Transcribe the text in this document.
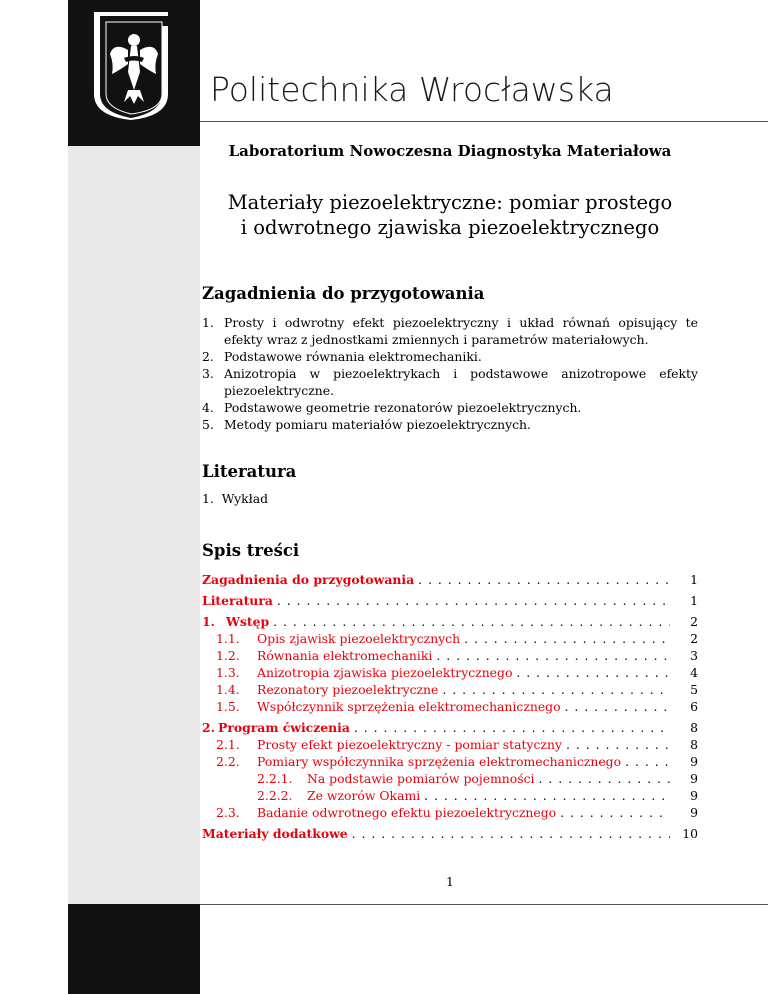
Politechnika Wrocławska
Laboratorium Nowoczesna Diagnostyka Materiałowa
Materiały piezoelektryczne: pomiar prostego
i odwrotnego zjawiska piezoelektrycznego
Zagadnienia do przygotowania
1. Prosty i odwrotny efekt piezoelektryczny i układ równań opisujący te efekty wraz z jednostkami zmiennych i parametrów materiałowych.
2. Podstawowe równania elektromechaniki.
3. Anizotropia w piezoelektrykach i podstawowe anizotropowe efekty piezoelektryczne.
4. Podstawowe geometrie rezonatorów piezoelektrycznych.
5. Metody pomiaru materiałów piezoelektrycznych.
Literatura
1. Wykład
Spis treści
Zagadnienia do przygotowania . . .	1
Literatura . . .	1
1. Wstęp . . .	2
1.1.	Opis zjawisk piezoelektrycznych . . .	2
1.2.	Równania elektromechaniki . . .	3
1.3.	Anizotropia zjawiska piezoelektrycznego . . .	4
1.4.	Rezonatory piezoelektryczne . . .	5
1.5.	Współczynnik sprzężenia elektromechanicznego . . .	6
2. Program ćwiczenia . . .	8
2.1.	Prosty efekt piezoelektryczny - pomiar statyczny . . .	8
2.2.	Pomiary współczynnika sprzężenia elektromechanicznego . . .	9
2.2.1.	Na podstawie pomiarów pojemności . . .	9
2.2.2.	Ze wzorów Okami . . .	9
2.3.	Badanie odwrotnego efektu piezoelektrycznego . . .	9
Materiały dodatkowe . . .	10
1
